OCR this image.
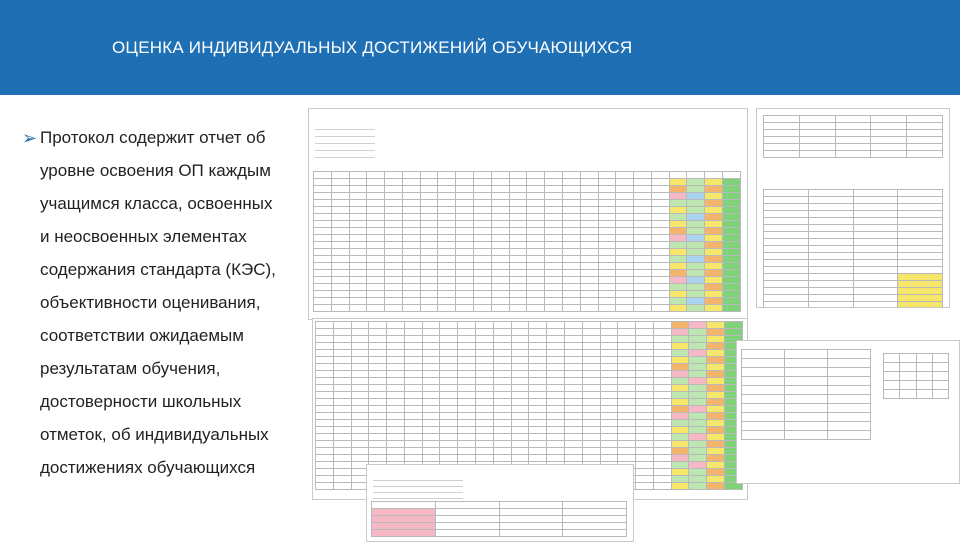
ОЦЕНКА ИНДИВИДУАЛЬНЫХ ДОСТИЖЕНИЙ ОБУЧАЮЩИХСЯ
➢ Протокол содержит отчет об
уровне освоения ОП каждым
учащимся класса, освоенных
и неосвоенных элементах
содержания стандарта (КЭС),
объективности оценивания,
соответствии ожидаемым
результатам обучения,
достоверности школьных
отметок, об индивидуальных
достижениях обучающихся
